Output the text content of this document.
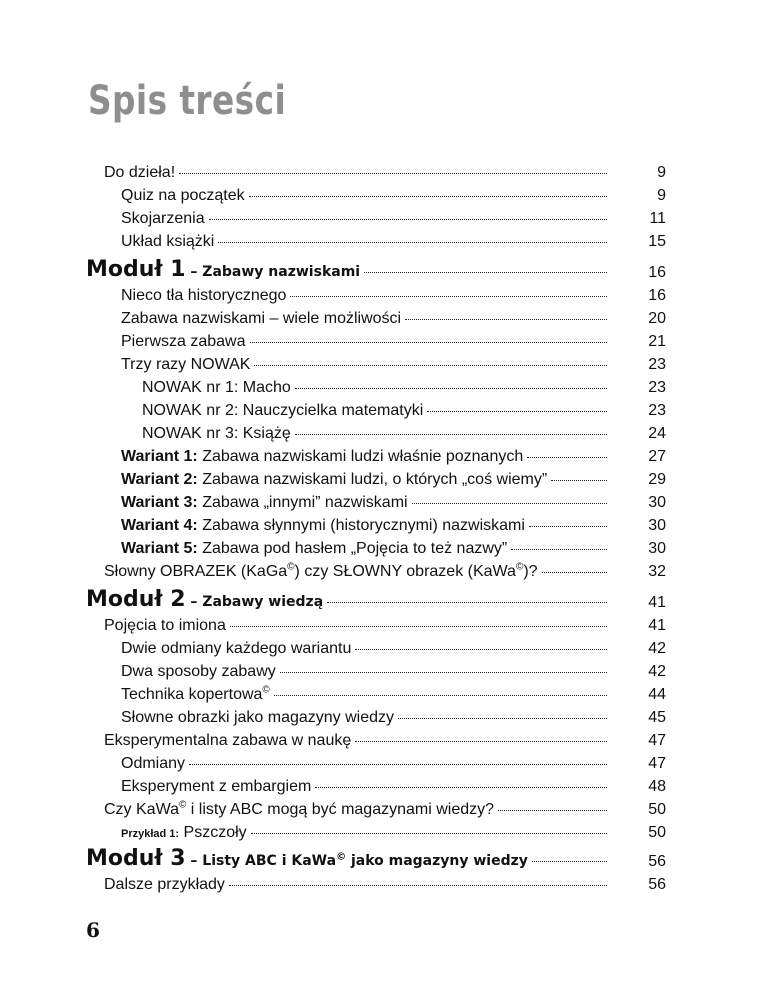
Spis treści
Do dzieła!	9
Quiz na początek	9
Skojarzenia	11
Układ książki	15
Moduł 1 – Zabawy nazwiskami	16
Nieco tła historycznego	16
Zabawa nazwiskami – wiele możliwości	20
Pierwsza zabawa	21
Trzy razy NOWAK	23
NOWAK nr 1: Macho	23
NOWAK nr 2: Nauczycielka matematyki	23
NOWAK nr 3: Książę	24
Wariant 1: Zabawa nazwiskami ludzi właśnie poznanych	27
Wariant 2: Zabawa nazwiskami ludzi, o których „coś wiemy”	29
Wariant 3: Zabawa „innymi” nazwiskami	30
Wariant 4: Zabawa słynnymi (historycznymi) nazwiskami	30
Wariant 5: Zabawa pod hasłem „Pojęcia to też nazwy”	30
Słowny OBRAZEK (KaGa©) czy SŁOWNY obrazek (KaWa©)?	32
Moduł 2 – Zabawy wiedzą	41
Pojęcia to imiona	41
Dwie odmiany każdego wariantu	42
Dwa sposoby zabawy	42
Technika kopertowa©	44
Słowne obrazki jako magazyny wiedzy	45
Eksperymentalna zabawa w naukę	47
Odmiany	47
Eksperyment z embargiem	48
Czy KaWa© i listy ABC mogą być magazynami wiedzy?	50
Przykład 1: Pszczoły	50
Moduł 3 – Listy ABC i KaWa© jako magazyny wiedzy	56
Dalsze przykłady	56
6
